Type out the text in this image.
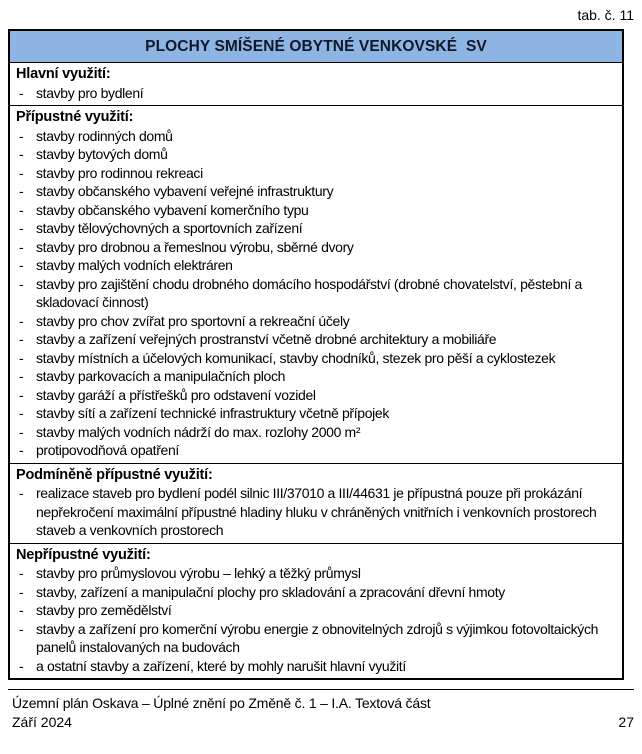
tab. č. 11
PLOCHY SMÍŠENÉ OBYTNÉ VENKOVSKÉ  SV
Hlavní využití:
- stavby pro bydlení
Přípustné využití:
- stavby rodinných domů
- stavby bytových domů
- stavby pro rodinnou rekreaci
- stavby občanského vybavení veřejné infrastruktury
- stavby občanského vybavení komerčního typu
- stavby tělovýchovných a sportovních zařízení
- stavby pro drobnou a řemeslnou výrobu, sběrné dvory
- stavby malých vodních elektráren
- stavby pro zajištění chodu drobného domácího hospodářství (drobné chovatelství, pěstební a skladovací činnost)
- stavby pro chov zvířat pro sportovní a rekreační účely
- stavby a zařízení veřejných prostranství včetně drobné architektury a mobiliáře
- stavby místních a účelových komunikací, stavby chodníků, stezek pro pěší a cyklostezek
- stavby parkovacích a manipulačních ploch
- stavby garáží a přístřešků pro odstavení vozidel
- stavby sítí a zařízení technické infrastruktury včetně přípojek
- stavby malých vodních nádrží do max. rozlohy 2000 m²
- protipovodňová opatření
Podmíněně přípustné využití:
- realizace staveb pro bydlení podél silnic III/37010 a III/44631 je přípustná pouze při prokázání nepřekročení maximální přípustné hladiny hluku v chráněných vnitřních i venkovních prostorech staveb a venkovních prostorech
Nepřípustné využití:
- stavby pro průmyslovou výrobu – lehký a těžký průmysl
- stavby, zařízení a manipulační plochy pro skladování a zpracování dřevní hmoty
- stavby pro zemědělství
- stavby a zařízení pro komerční výrobu energie z obnovitelných zdrojů s výjimkou fotovoltaických panelů instalovaných na budovách
- a ostatní stavby a zařízení, které by mohly narušit hlavní využití
Územní plán Oskava – Úplné znění po Změně č. 1 – I.A. Textová část
Září 2024	27
